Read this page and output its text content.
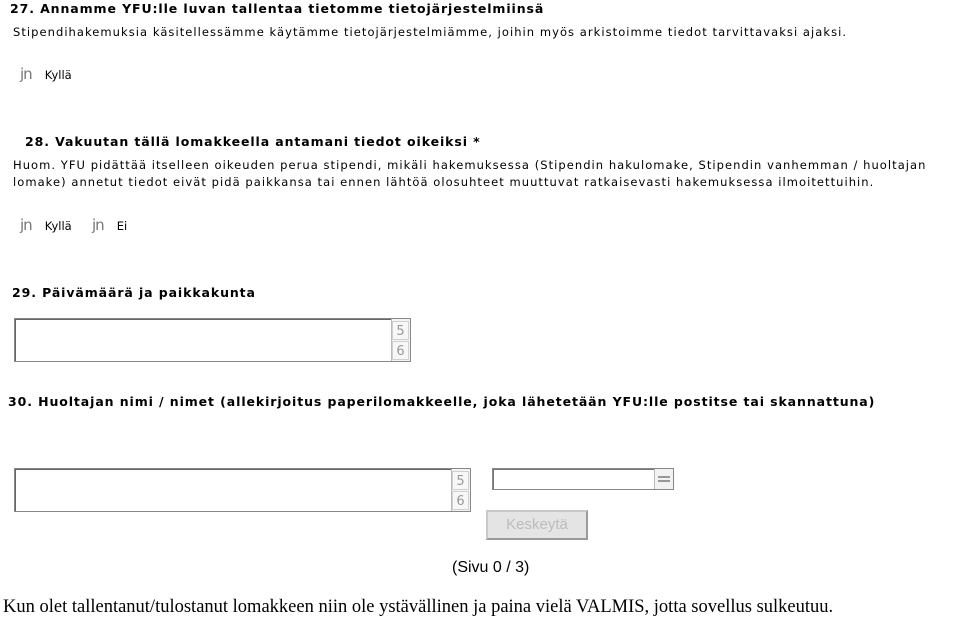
27. Annamme YFU:lle luvan tallentaa tietomme tietojärjestelmiinsä
Stipendihakemuksia käsitellessämme käytämme tietojärjestelmiämme, joihin myös arkistoimme tiedot tarvittavaksi ajaksi.
jn Kyllä
28. Vakuutan tällä lomakkeella antamani tiedot oikeiksi *
Huom. YFU pidättää itselleen oikeuden perua stipendi, mikäli hakemuksessa (Stipendin hakulomake, Stipendin vanhemman / huoltajan
lomake) annetut tiedot eivät pidä paikkansa tai ennen lähtöä olosuhteet muuttuvat ratkaisevasti hakemuksessa ilmoitettuihin.
jn Kyllä jn Ei
29. Päivämäärä ja paikkakunta
5
6
30. Huoltajan nimi / nimet (allekirjoitus paperilomakkeelle, joka lähetetään YFU:lle postitse tai skannattuna)
5
6
Keskeytä
(Sivu 0 / 3)
Kun olet tallentanut/tulostanut lomakkeen niin ole ystävällinen ja paina vielä VALMIS, jotta sovellus sulkeutuu.
